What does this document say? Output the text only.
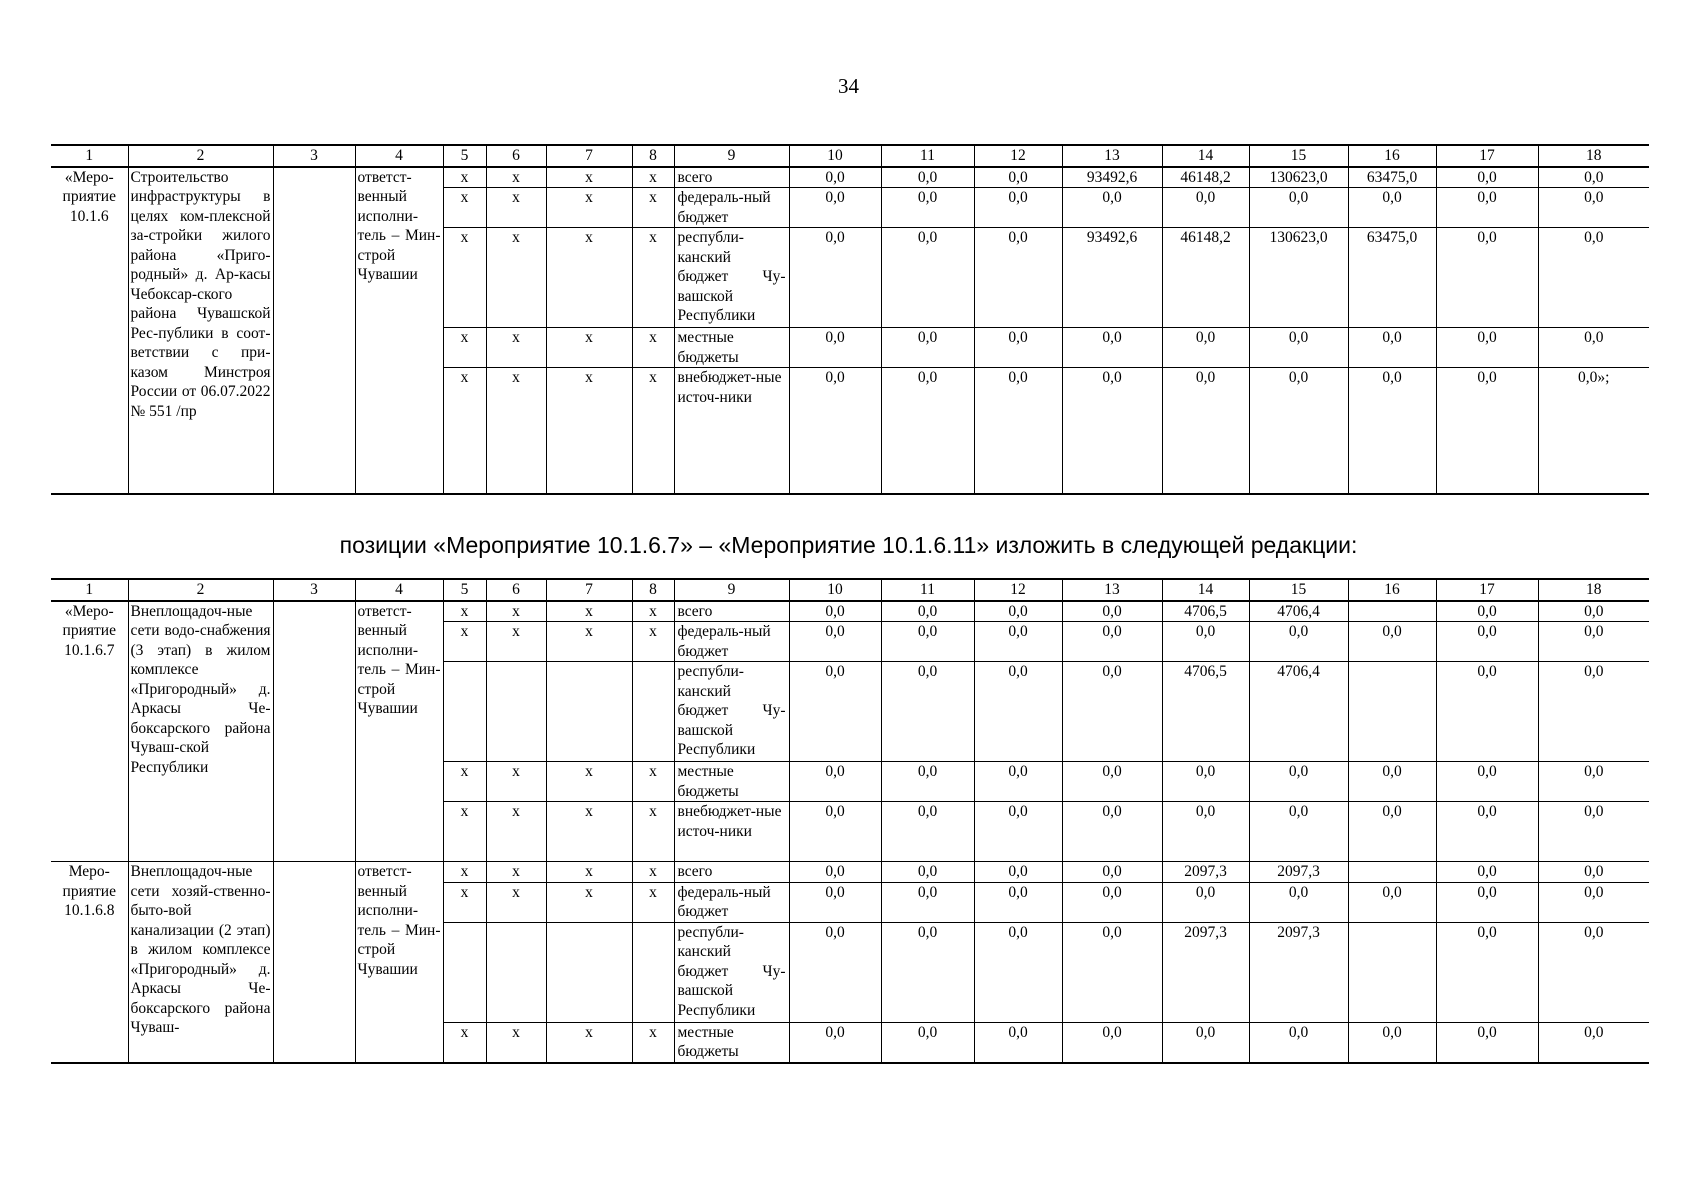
34
1	2	3	4	5	6	7	8	9	10	11	12	13	14	15	16	17	18
«Меро-приятие 10.1.6	Строительство инфраструктуры в целях ком-плексной за-стройки жилого района «Приго-родный» д. Ар-касы Чебоксар-ского района Чувашской Рес-публики в соот-ветствии с при-казом Минстроя России от 06.07.2022 № 551 /пр		ответст-венный исполни-тель – Мин-строй Чувашии	х	х	х	х	всего	0,0	0,0	0,0	93492,6	46148,2	130623,0	63475,0	0,0	0,0
				х	х	х	х	федераль-ный бюджет	0,0	0,0	0,0	0,0	0,0	0,0	0,0	0,0	0,0
				х	х	х	х	республи-канский бюджет Чу-вашской Республики	0,0	0,0	0,0	93492,6	46148,2	130623,0	63475,0	0,0	0,0
				х	х	х	х	местные бюджеты	0,0	0,0	0,0	0,0	0,0	0,0	0,0	0,0	0,0
				х	х	х	х	внебюджет-ные источ-ники	0,0	0,0	0,0	0,0	0,0	0,0	0,0	0,0	0,0»;
позиции «Мероприятие 10.1.6.7» – «Мероприятие 10.1.6.11» изложить в следующей редакции:
1	2	3	4	5	6	7	8	9	10	11	12	13	14	15	16	17	18
«Меро-приятие 10.1.6.7	Внеплощадоч-ные сети водо-снабжения (3 этап) в жилом комплексе «Пригородный» д. Аркасы Че-боксарского района Чуваш-ской Республики		ответст-венный исполни-тель – Мин-строй Чувашии	х	х	х	х	всего	0,0	0,0	0,0	0,0	4706,5	4706,4		0,0	0,0
				х	х	х	х	федераль-ный бюджет	0,0	0,0	0,0	0,0	0,0	0,0	0,0	0,0	0,0
								республи-канский бюджет Чу-вашской Республики	0,0	0,0	0,0	0,0	4706,5	4706,4		0,0	0,0
				х	х	х	х	местные бюджеты	0,0	0,0	0,0	0,0	0,0	0,0	0,0	0,0	0,0
				х	х	х	х	внебюджет-ные источ-ники	0,0	0,0	0,0	0,0	0,0	0,0	0,0	0,0	0,0
Меро-приятие 10.1.6.8	Внеплощадоч-ные сети хозяй-ственно-быто-вой канализации (2 этап) в жилом комплексе «Пригородный» д. Аркасы Че-боксарского района Чуваш-		ответст-венный исполни-тель – Мин-строй Чувашии	х	х	х	х	всего	0,0	0,0	0,0	0,0	2097,3	2097,3		0,0	0,0
				х	х	х	х	федераль-ный бюджет	0,0	0,0	0,0	0,0	0,0	0,0	0,0	0,0	0,0
								республи-канский бюджет Чу-вашской Республики	0,0	0,0	0,0	0,0	2097,3	2097,3		0,0	0,0
				х	х	х	х	местные бюджеты	0,0	0,0	0,0	0,0	0,0	0,0	0,0	0,0	0,0
